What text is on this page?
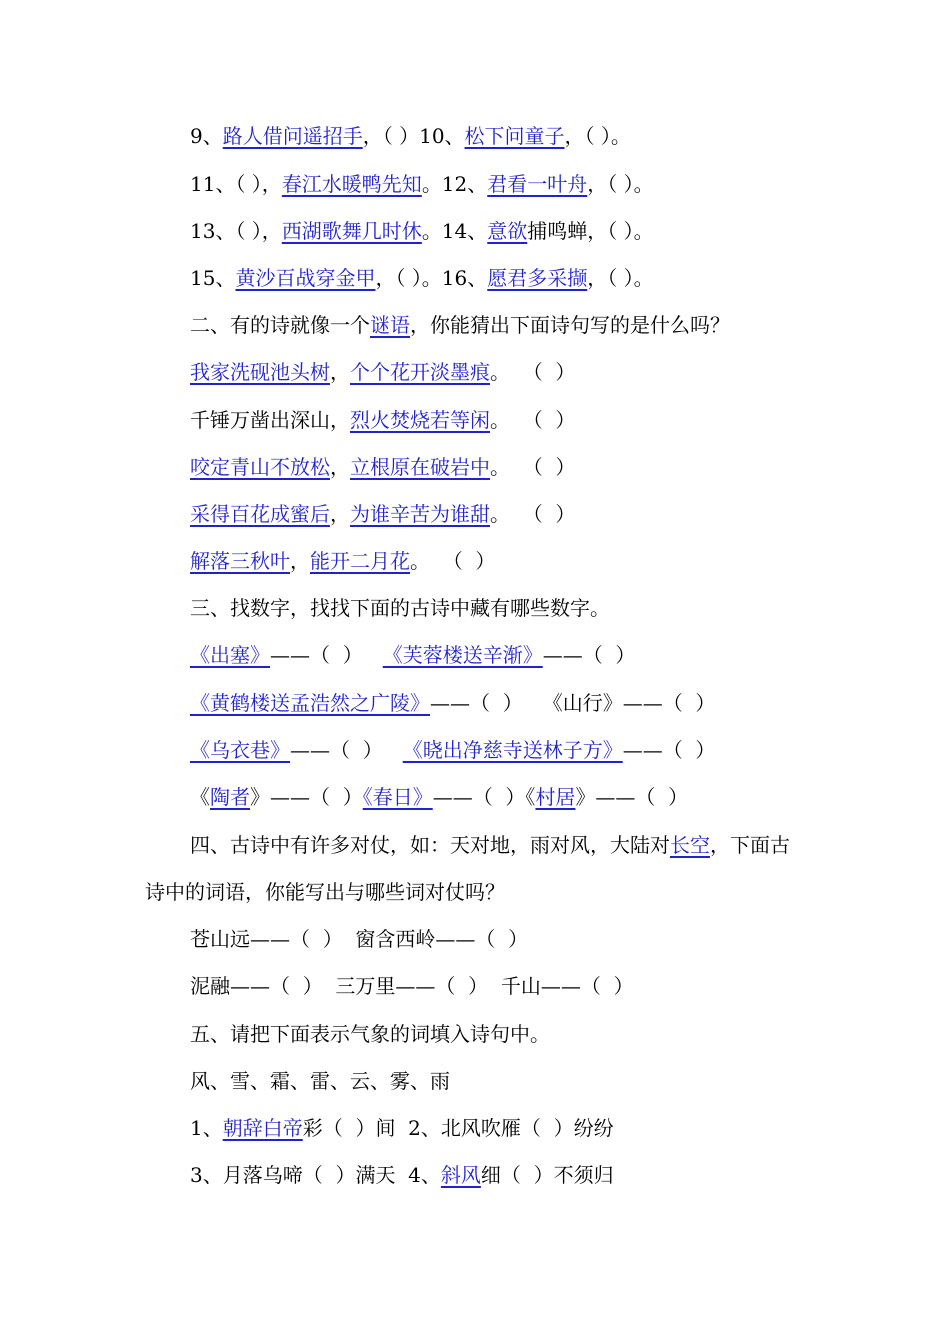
9、路人借问遥招手，（ ）10、松下问童子，（ ）。
11、（ ），春江水暖鸭先知。12、君看一叶舟，（ ）。
13、（ ），西湖歌舞几时休。14、意欲捕鸣蝉，（ ）。
15、黄沙百战穿金甲，（ ）。16、愿君多采撷，（ ）。
二、有的诗就像一个谜语，你能猜出下面诗句写的是什么吗？
我家洗砚池头树，个个花开淡墨痕。  （  ）
千锤万凿出深山，烈火焚烧若等闲。  （  ）
咬定青山不放松，立根原在破岩中。  （  ）
采得百花成蜜后，为谁辛苦为谁甜。  （  ）
解落三秋叶，能开二月花。  （  ）
三、找数字，找找下面的古诗中藏有哪些数字。
《出塞》——（  ） 《芙蓉楼送辛渐》——（  ）
《黄鹤楼送孟浩然之广陵》——（  ） 《山行》——（  ）
《乌衣巷》——（  ） 《晓出净慈寺送林子方》——（  ）
《陶者》——（  ）《春日》——（  ）《村居》——（  ）
四、古诗中有许多对仗，如：天对地，雨对风，大陆对长空，下面古
诗中的词语，你能写出与哪些词对仗吗？
苍山远——（  ）  窗含西岭——（  ）
泥融——（  ）  三万里——（  ）  千山——（  ）
五、请把下面表示气象的词填入诗句中。
风、雪、霜、雷、云、雾、雨
1、朝辞白帝彩（  ）间  2、北风吹雁（  ）纷纷
3、月落乌啼（  ）满天  4、斜风细（  ）不须归
